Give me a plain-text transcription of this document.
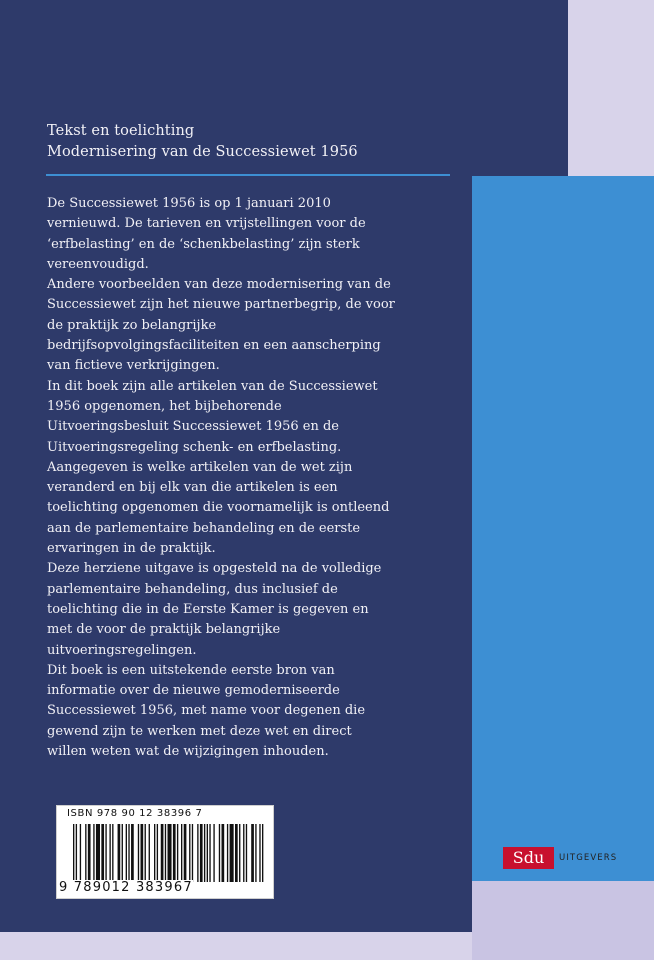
Tekst en toelichting
Modernisering van de Successiewet 1956

De Successiewet 1956 is op 1 januari 2010 vernieuwd. De tarieven en vrijstellingen voor de ‘erfbelasting’ en de ‘schenkbelasting’ zijn sterk vereenvoudigd.

Andere voorbeelden van deze modernisering van de Successiewet zijn het nieuwe partnerbegrip, de voor de praktijk zo belangrijke bedrijfsopvolgingsfaciliteiten en een aanscherping van fictieve verkrijgingen.

In dit boek zijn alle artikelen van de Successiewet 1956 opgenomen, het bijbehorende Uitvoeringsbesluit Successiewet 1956 en de Uitvoeringsregeling schenk- en erfbelasting. Aangegeven is welke artikelen van de wet zijn veranderd en bij elk van die artikelen is een toelichting opgenomen die voornamelijk is ontleend aan de parlementaire behandeling en de eerste ervaringen in de praktijk.

Deze herziene uitgave is opgesteld na de volledige parlementaire behandeling, dus inclusief de toelichting die in de Eerste Kamer is gegeven en met de voor de praktijk belangrijke uitvoeringsregelingen.

Dit boek is een uitstekende eerste bron van informatie over de nieuwe gemoderniseerde Successiewet 1956, met name voor degenen die gewend zijn te werken met deze wet en direct willen weten wat de wijzigingen inhouden.

ISBN 978 90 12 38396 7
9 789012 383967
Sdu	UITGEVERS
